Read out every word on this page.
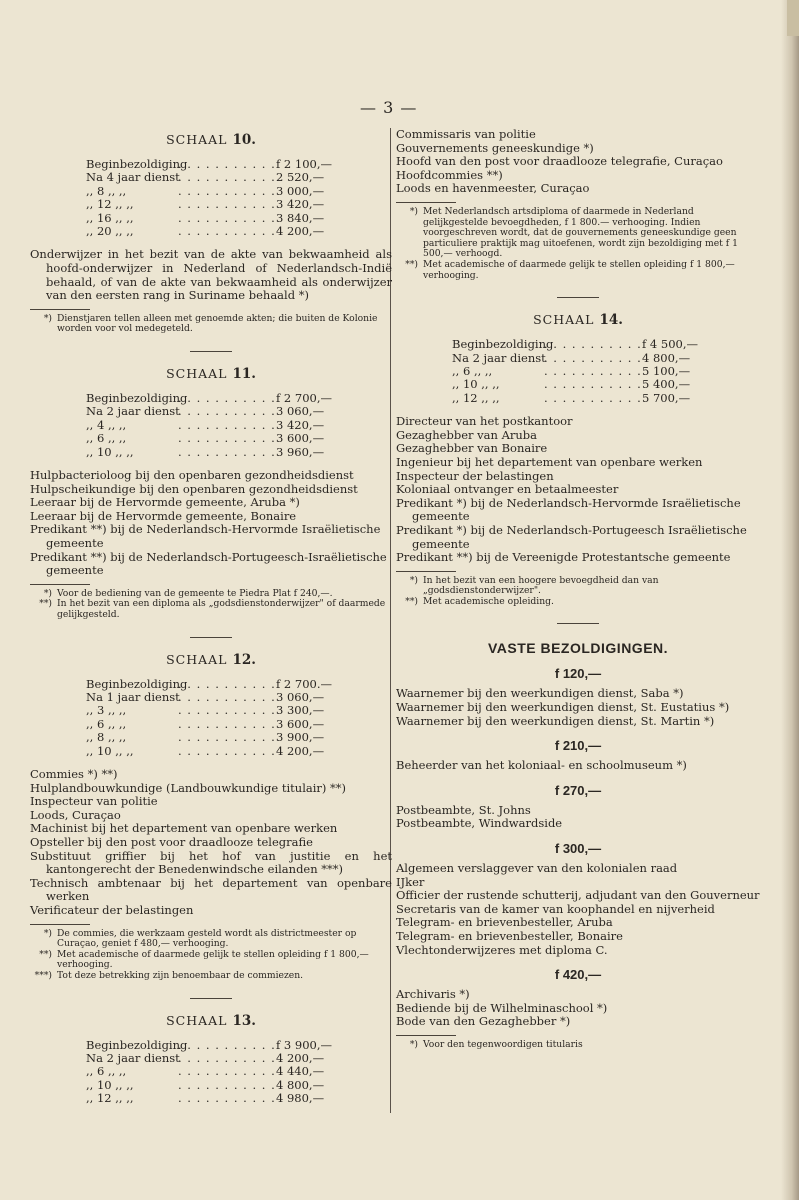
— 3 —
SCHAAL 10.
Beginbezoldiging . . .	f 2 100,—
Na 4 jaar dienst . . .	2 520,—
,, 8 ,, ,, . . .	3 000,—
,, 12 ,, ,, . . .	3 420,—
,, 16 ,, ,, . . .	3 840,—
,, 20 ,, ,, . . .	4 200,—
Onderwijzer in het bezit van de akte van bekwaamheid als hoofd-onderwijzer in Nederland of Nederlandsch-Indië behaald, of van de akte van bekwaamheid als onderwijzer van den eersten rang in Suriname behaald *)
*) Dienstjaren tellen alleen met genoemde akten; die buiten de Kolonie worden voor vol medegeteld.
SCHAAL 11.
Beginbezoldiging . . .	f 2 700,—
Na 2 jaar dienst . . .	3 060,—
,, 4 ,, ,, . . .	3 420,—
,, 6 ,, ,, . . .	3 600,—
,, 10 ,, ,, . . .	3 960,—
Hulpbacterioloog bij den openbaren gezondheidsdienst
Hulpscheikundige bij den openbaren gezondheidsdienst
Leeraar bij de Hervormde gemeente, Aruba *)
Leeraar bij de Hervormde gemeente, Bonaire
Predikant **) bij de Nederlandsch-Hervormde Israëlietische gemeente
Predikant **) bij de Nederlandsch-Portugeesch-Israëlietische gemeente
*) Voor de bediening van de gemeente te Piedra Plat f 240,—.
**) In het bezit van een diploma als „godsdienstonderwijzer" of daarmede gelijkgesteld.
SCHAAL 12.
Beginbezoldiging . . .	f 2 700.—
Na 1 jaar dienst . . .	3 060,—
,, 3 ,, ,, . . .	3 300,—
,, 6 ,, ,, . . .	3 600,—
,, 8 ,, ,, . . .	3 900,—
,, 10 ,, ,, . . .	4 200,—
Commies *) **)
Hulplandbouwkundige (Landbouwkundige titulair) **)
Inspecteur van politie
Loods, Curaçao
Machinist bij het departement van openbare werken
Opsteller bij den post voor draadlooze telegrafie
Substituut griffier bij het hof van justitie en het kantongerecht der Benedenwindsche eilanden ***)
Technisch ambtenaar bij het departement van openbare werken
Verificateur der belastingen
*) De commies, die werkzaam gesteld wordt als districtmeester op Curaçao, geniet f 480,— verhooging.
**) Met academische of daarmede gelijk te stellen opleiding f 1 800,— verhooging.
***) Tot deze betrekking zijn benoembaar de commiezen.
SCHAAL 13.
Beginbezoldiging . . .	f 3 900,—
Na 2 jaar dienst . . .	4 200,—
,, 6 ,, ,, . . .	4 440,—
,, 10 ,, ,, . . .	4 800,—
,, 12 ,, ,, . . .	4 980,—
Commissaris van politie
Gouvernements geneeskundige *)
Hoofd van den post voor draadlooze telegrafie, Curaçao
Hoofdcommies **)
Loods en havenmeester, Curaçao
*) Met Nederlandsch artsdiploma of daarmede in Nederland gelijkgestelde bevoegdheden, f 1 800.— verhooging. Indien voorgeschreven wordt, dat de gouvernements geneeskundige geen particuliere praktijk mag uitoefenen, wordt zijn bezoldiging met f 1 500,— verhoogd.
**) Met academische of daarmede gelijk te stellen opleiding f 1 800,— verhooging.
SCHAAL 14.
Beginbezoldiging . . .	f 4 500,—
Na 2 jaar dienst . . .	4 800,—
,, 6 ,, ,, . . .	5 100,—
,, 10 ,, ,, . . .	5 400,—
,, 12 ,, ,, . . .	5 700,—
Directeur van het postkantoor
Gezaghebber van Aruba
Gezaghebber van Bonaire
Ingenieur bij het departement van openbare werken
Inspecteur der belastingen
Koloniaal ontvanger en betaalmeester
Predikant *) bij de Nederlandsch-Hervormde Israëlietische gemeente
Predikant *) bij de Nederlandsch-Portugeesch Israëlietische gemeente
Predikant **) bij de Vereenigde Protestantsche gemeente
*) In het bezit van een hoogere bevoegdheid dan van „godsdienstonderwijzer".
**) Met academische opleiding.
VASTE BEZOLDIGINGEN.
f 120,—
Waarnemer bij den weerkundigen dienst, Saba *)
Waarnemer bij den weerkundigen dienst, St. Eustatius *)
Waarnemer bij den weerkundigen dienst, St. Martin *)
f 210,—
Beheerder van het koloniaal- en schoolmuseum *)
f 270,—
Postbeambte, St. Johns
Postbeambte, Windwardside
f 300,—
Algemeen verslaggever van den kolonialen raad
IJker
Officier der rustende schutterij, adjudant van den Gouverneur
Secretaris van de kamer van koophandel en nijverheid
Telegram- en brievenbesteller, Aruba
Telegram- en brievenbesteller, Bonaire
Vlechtonderwijzeres met diploma C.
f 420,—
Archivaris *)
Bediende bij de Wilhelminaschool *)
Bode van den Gezaghebber *)
*) Voor den tegenwoordigen titularis
